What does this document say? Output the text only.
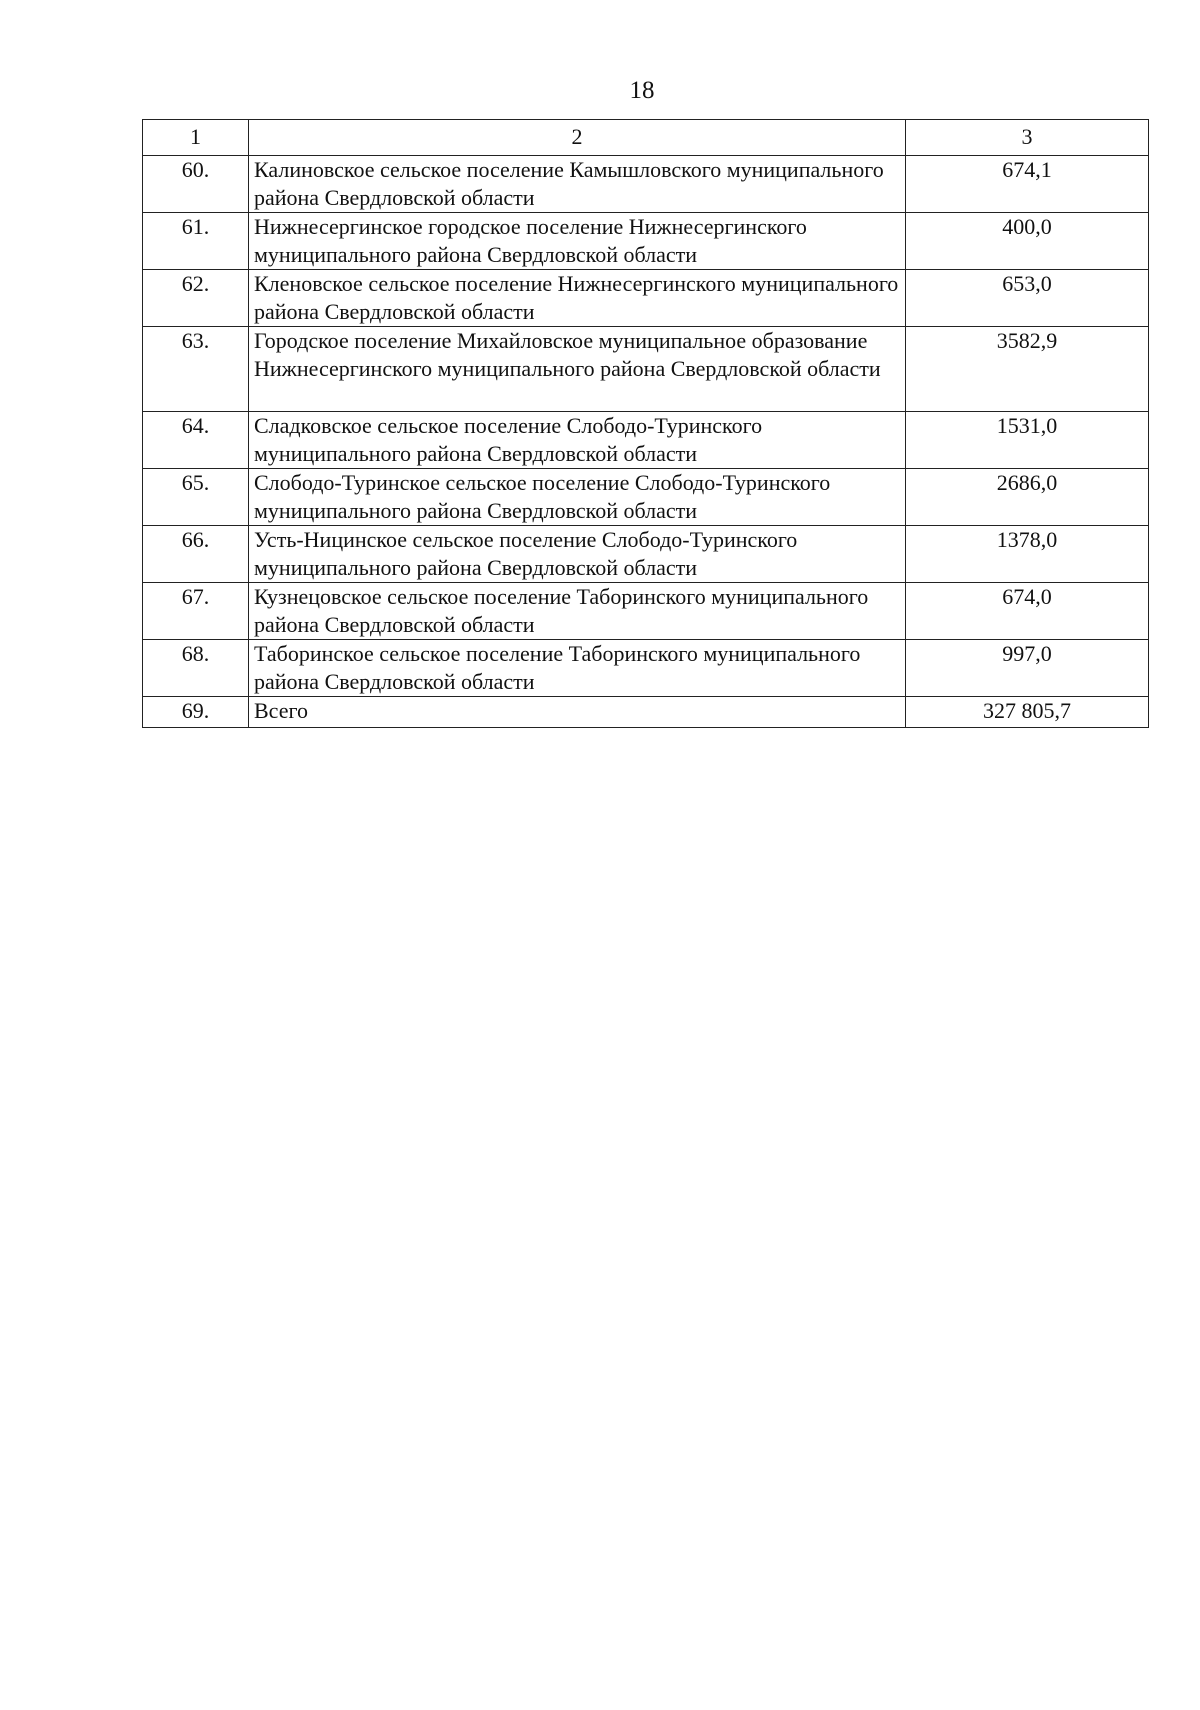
18
1	2	3
60.	Калиновское сельское поселение Камышловского муниципального района Свердловской области	674,1
61.	Нижнесергинское городское поселение Нижнесергинского муниципального района Свердловской области	400,0
62.	Кленовское сельское поселение Нижнесергинского муниципального района Свердловской области	653,0
63.	Городское поселение Михайловское муниципальное образование Нижнесергинского муниципального района Свердловской области	3582,9
64.	Сладковское сельское поселение Слободо-Туринского муниципального района Свердловской области	1531,0
65.	Слободо-Туринское сельское поселение Слободо-Туринского муниципального района Свердловской области	2686,0
66.	Усть-Ницинское сельское поселение Слободо-Туринского муниципального района Свердловской области	1378,0
67.	Кузнецовское сельское поселение Таборинского муниципального района Свердловской области	674,0
68.	Таборинское сельское поселение Таборинского муниципального района Свердловской области	997,0
69.	Всего	327 805,7
